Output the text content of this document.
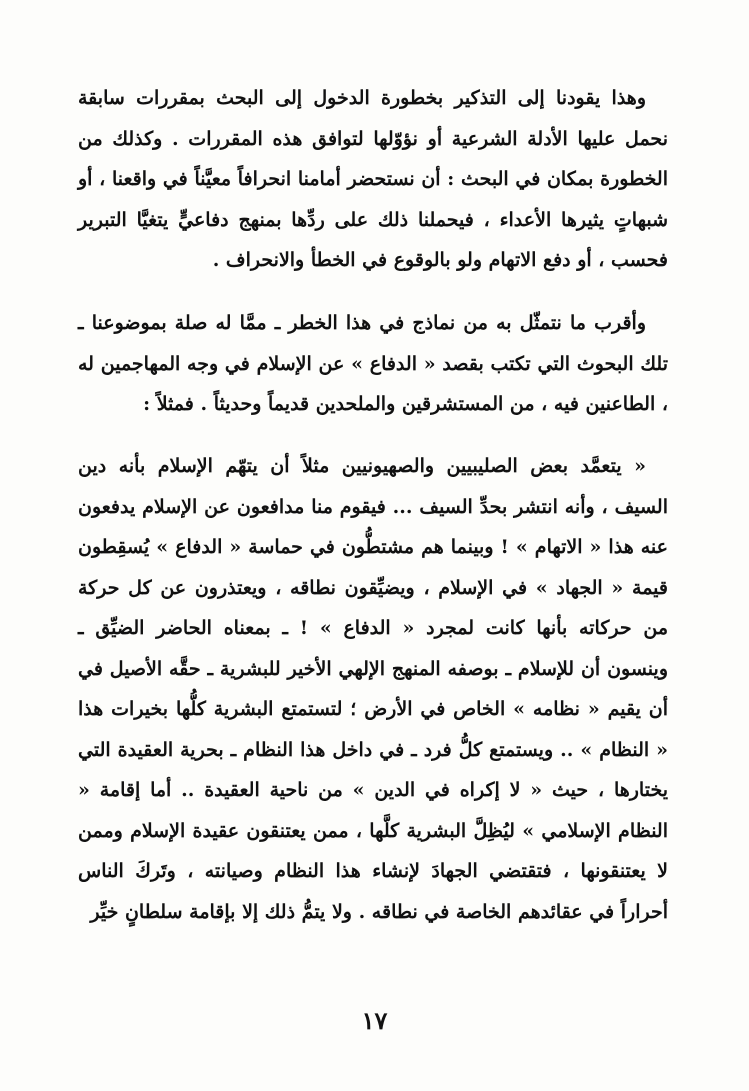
وهذا يقودنا إلى التذكير بخطورة الدخول إلى البحث بمقررات سابقة نحمل عليها الأدلة الشرعية أو نؤوّلها لتوافق هذه المقررات . وكذلك من الخطورة بمكان في البحث : أن نستحضر أمامنا انحرافاً معيَّناً في واقعنا ، أو شبهاتٍ يثيرها الأعداء ، فيحملنا ذلك على ردِّها بمنهج دفاعيٍّ يتغيَّا التبرير فحسب ، أو دفع الاتهام ولو بالوقوع في الخطأ والانحراف .

وأقرب ما نتمثّل به من نماذج في هذا الخطر ـ ممَّا له صلة بموضوعنا ـ تلك البحوث التي تكتب بقصد « الدفاع » عن الإسلام في وجه المهاجمين له ، الطاعنين فيه ، من المستشرقين والملحدين قديماً وحديثاً . فمثلاً :

« يتعمَّد بعض الصليبيين والصهيونيين مثلاً أن يتهّم الإسلام بأنه دين السيف ، وأنه انتشر بحدِّ السيف ... فيقوم منا مدافعون عن الإسلام يدفعون عنه هذا « الاتهام » ! وبينما هم مشتطُّون في حماسة « الدفاع » يُسقِطون قيمة « الجهاد » في الإسلام ، ويضيِّقون نطاقه ، ويعتذرون عن كل حركة من حركاته بأنها كانت لمجرد « الدفاع » ! ـ بمعناه الحاضر الضيِّق ـ وينسون أن للإسلام ـ بوصفه المنهج الإلهي الأخير للبشرية ـ حقَّه الأصيل في أن يقيم « نظامه » الخاص في الأرض ؛ لتستمتع البشرية كلُّها بخيرات هذا « النظام » .. ويستمتع كلُّ فرد ـ في داخل هذا النظام ـ بحرية العقيدة التي يختارها ، حيث « لا إكراه في الدين » من ناحية العقيدة .. أما إقامة « النظام الإسلامي » ليُظِلَّ البشرية كلَّها ، ممن يعتنقون عقيدة الإسلام وممن لا يعتنقونها ، فتقتضي الجهادَ لإنشاء هذا النظام وصيانته ، وتَركَ الناس أحراراً في عقائدهم الخاصة في نطاقه . ولا يتمُّ ذلك إلا بإقامة سلطانٍ خيِّر

١٧
